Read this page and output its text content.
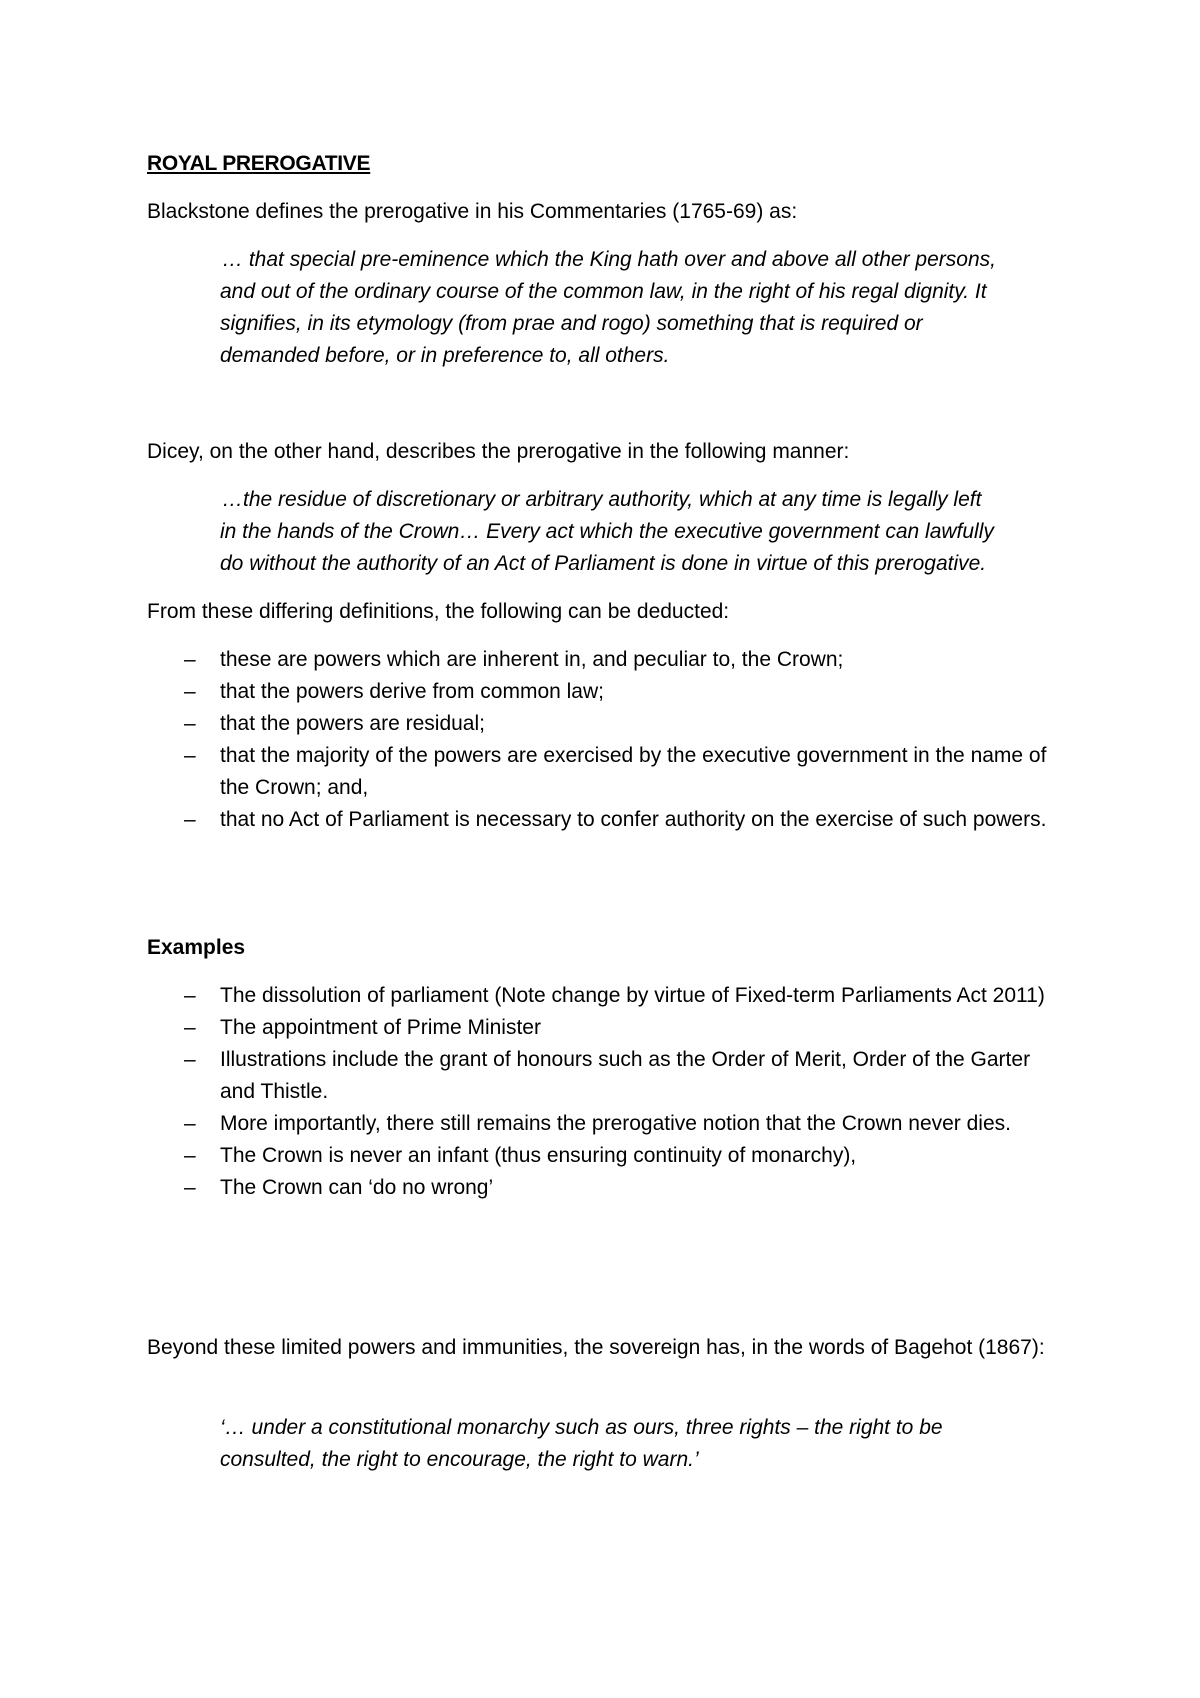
ROYAL PREROGATIVE
Blackstone defines the prerogative in his Commentaries (1765-69) as:
… that special pre-eminence which the King hath over and above all other persons,
and out of the ordinary course of the common law, in the right of his regal dignity. It
signifies, in its etymology (from prae and rogo) something that is required or
demanded before, or in preference to, all others.
Dicey, on the other hand, describes the prerogative in the following manner:
…the residue of discretionary or arbitrary authority, which at any time is legally left
in the hands of the Crown… Every act which the executive government can lawfully
do without the authority of an Act of Parliament is done in virtue of this prerogative.
From these differing definitions, the following can be deducted:
– these are powers which are inherent in, and peculiar to, the Crown;
– that the powers derive from common law;
– that the powers are residual;
– that the majority of the powers are exercised by the executive government in the name of the Crown; and,
– that no Act of Parliament is necessary to confer authority on the exercise of such powers.
Examples
– The dissolution of parliament (Note change by virtue of Fixed-term Parliaments Act 2011)
– The appointment of Prime Minister
– Illustrations include the grant of honours such as the Order of Merit, Order of the Garter and Thistle.
– More importantly, there still remains the prerogative notion that the Crown never dies.
– The Crown is never an infant (thus ensuring continuity of monarchy),
– The Crown can ‘do no wrong’
Beyond these limited powers and immunities, the sovereign has, in the words of Bagehot (1867):
‘… under a constitutional monarchy such as ours, three rights – the right to be
consulted, the right to encourage, the right to warn.’
